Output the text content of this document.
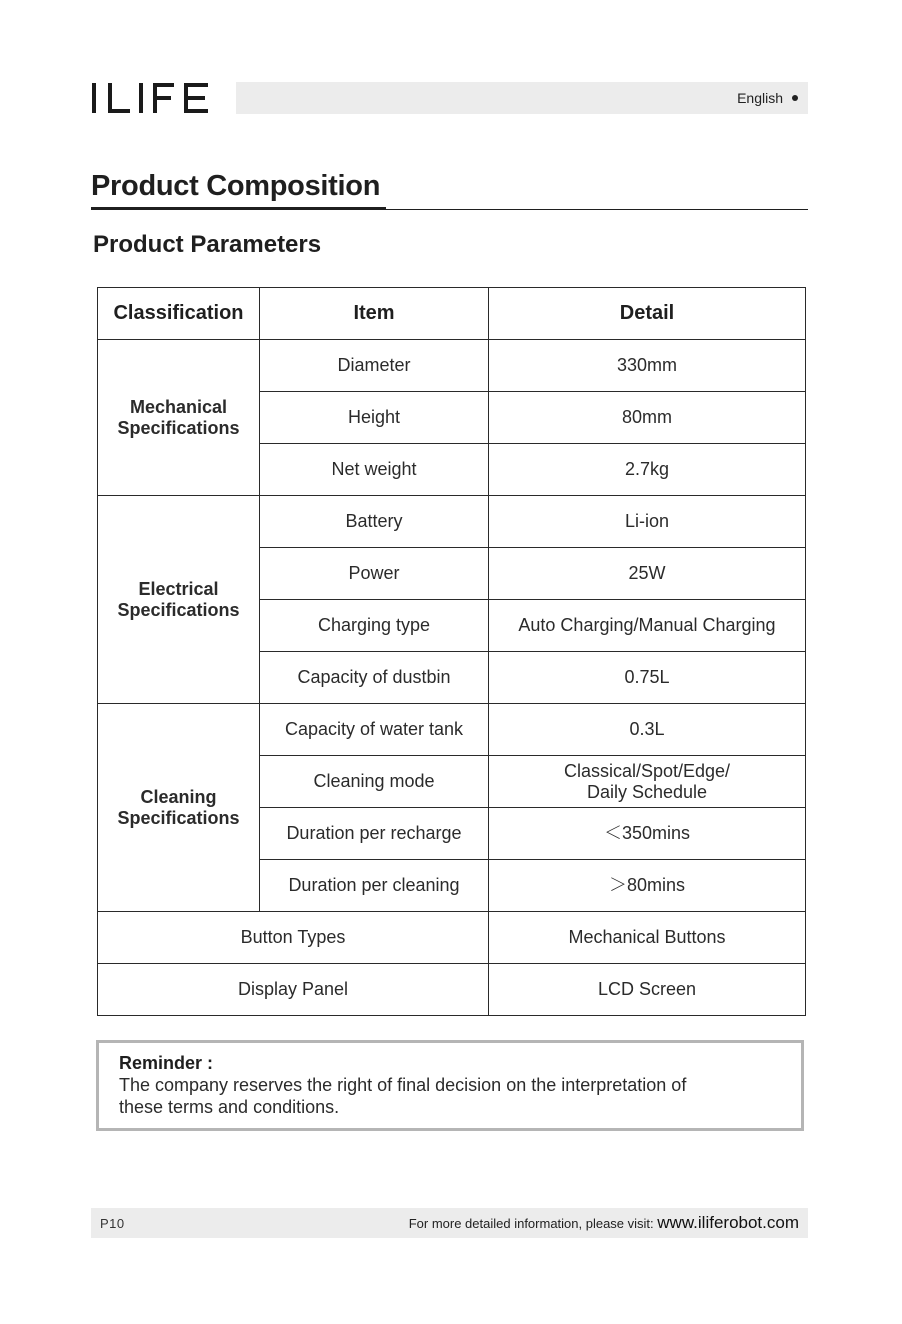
English
Product Composition
Product Parameters
Classification	Item	Detail

Mechanical
Specifications	Diameter	330mm
	Height	80mm
	Net weight	2.7kg

Electrical
Specifications	Battery	Li-ion
	Power	25W
	Charging type	Auto Charging/Manual Charging
	Capacity of dustbin	0.75L

Cleaning
Specifications	Capacity of water tank	0.3L
	Cleaning mode	Classical/Spot/Edge/
Daily Schedule

	Duration per recharge	＜350mins
	Duration per cleaning	＞80mins
Button Types		Mechanical Buttons
Display Panel		LCD Screen
Reminder :
The company reserves the right of final decision on the interpretation of
these terms and conditions.
P10	For more detailed information, please visit: www.iliferobot.com
